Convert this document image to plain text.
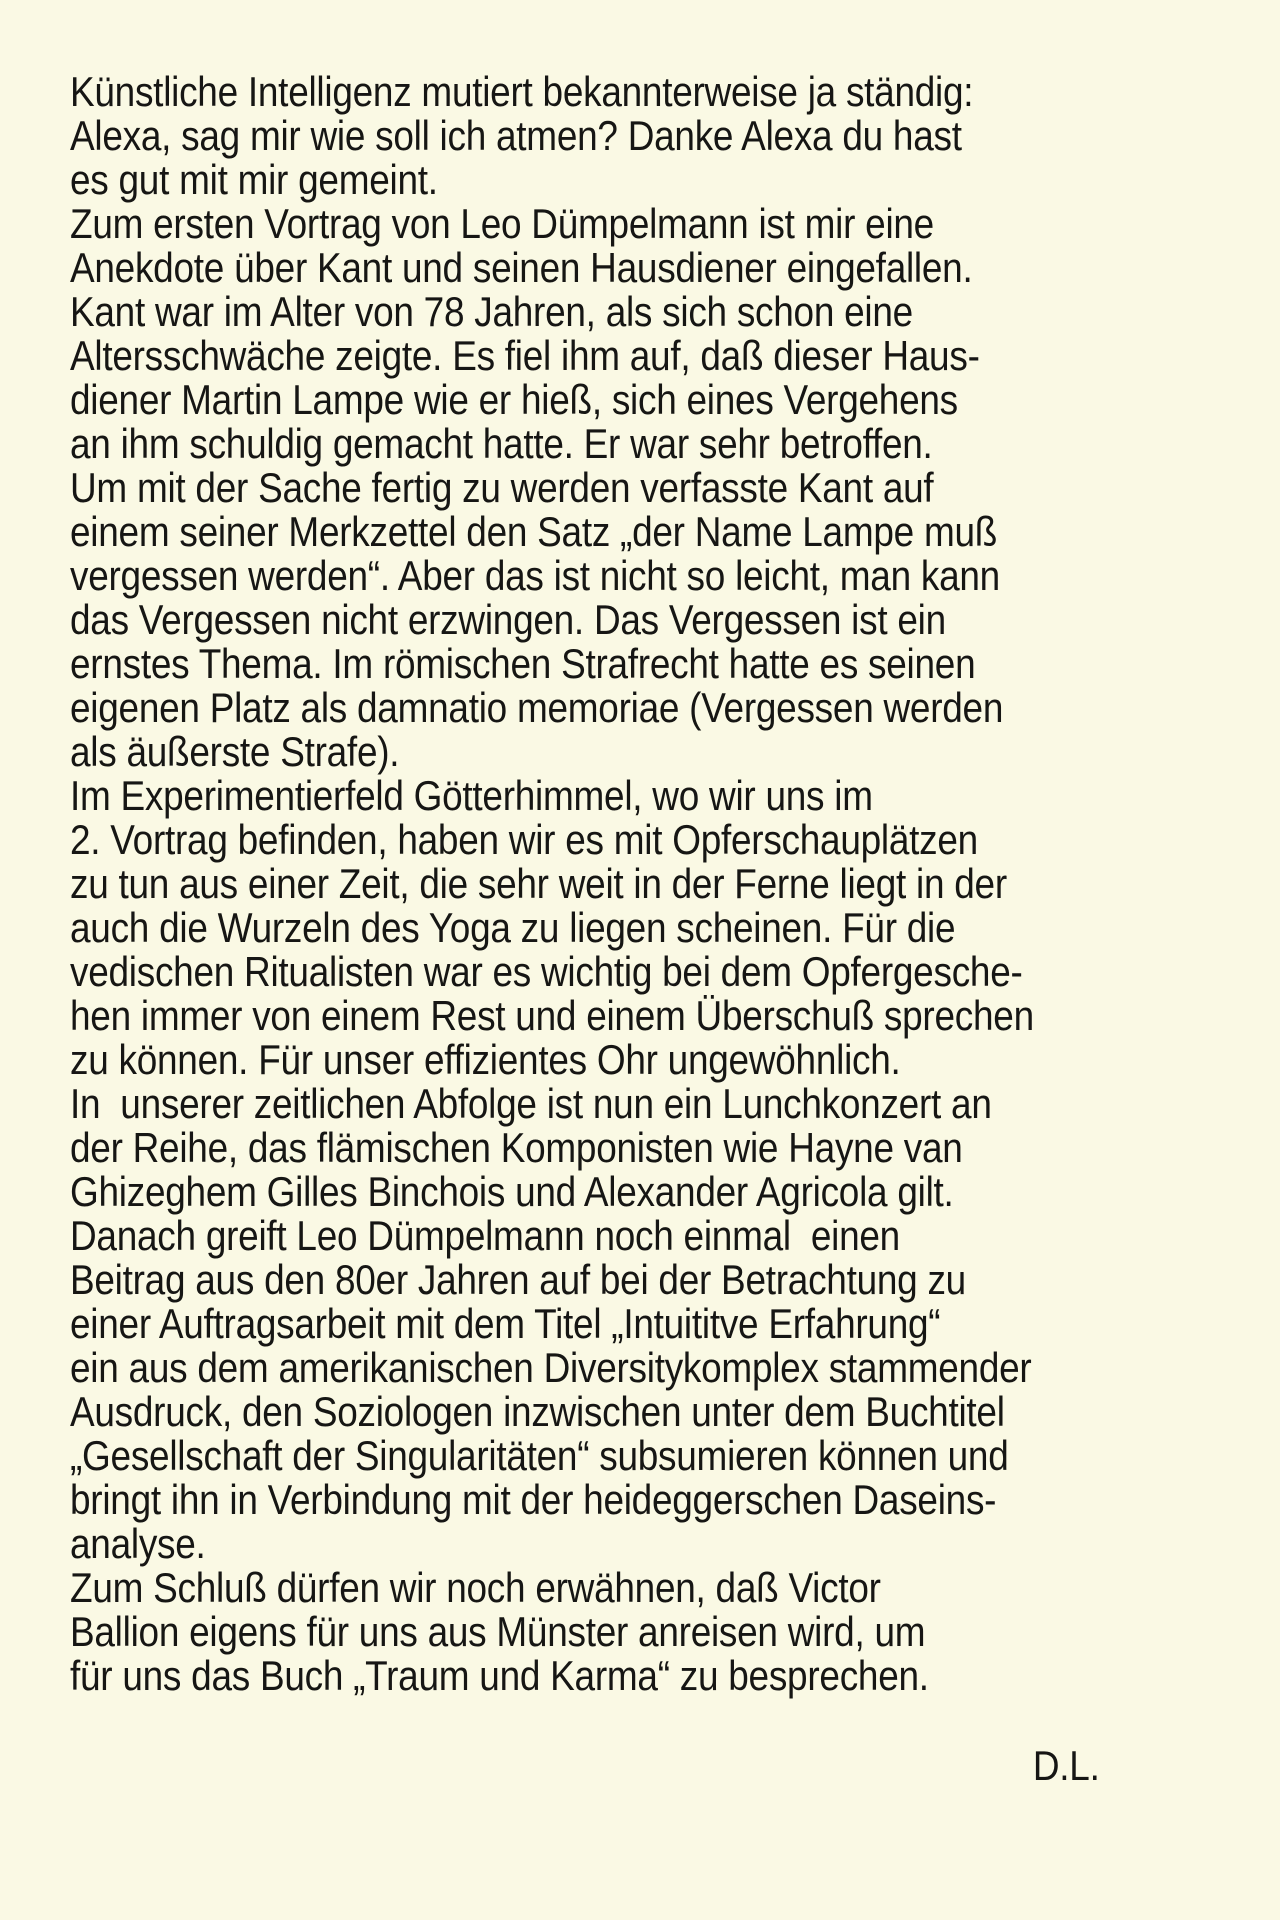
Künstliche Intelligenz mutiert bekannterweise ja ständig:
Alexa, sag mir wie soll ich atmen? Danke Alexa du hast
es gut mit mir gemeint.
Zum ersten Vortrag von Leo Dümpelmann ist mir eine
Anekdote über Kant und seinen Hausdiener eingefallen.
Kant war im Alter von 78 Jahren, als sich schon eine
Altersschwäche zeigte. Es fiel ihm auf, daß dieser Haus-
diener Martin Lampe wie er hieß, sich eines Vergehens
an ihm schuldig gemacht hatte. Er war sehr betroffen.
Um mit der Sache fertig zu werden verfasste Kant auf
einem seiner Merkzettel den Satz „der Name Lampe muß
vergessen werden“. Aber das ist nicht so leicht, man kann
das Vergessen nicht erzwingen. Das Vergessen ist ein
ernstes Thema. Im römischen Strafrecht hatte es seinen
eigenen Platz als damnatio memoriae (Vergessen werden
als äußerste Strafe).
Im Experimentierfeld Götterhimmel, wo wir uns im
2. Vortrag befinden, haben wir es mit Opferschauplätzen
zu tun aus einer Zeit, die sehr weit in der Ferne liegt in der
auch die Wurzeln des Yoga zu liegen scheinen. Für die
vedischen Ritualisten war es wichtig bei dem Opfergesche-
hen immer von einem Rest und einem Überschuß sprechen
zu können. Für unser effizientes Ohr ungewöhnlich.
In  unserer zeitlichen Abfolge ist nun ein Lunchkonzert an
der Reihe, das flämischen Komponisten wie Hayne van
Ghizeghem Gilles Binchois und Alexander Agricola gilt.
Danach greift Leo Dümpelmann noch einmal  einen
Beitrag aus den 80er Jahren auf bei der Betrachtung zu
einer Auftragsarbeit mit dem Titel „Intuititve Erfahrung“
ein aus dem amerikanischen Diversitykomplex stammender
Ausdruck, den Soziologen inzwischen unter dem Buchtitel
„Gesellschaft der Singularitäten“ subsumieren können und
bringt ihn in Verbindung mit der heideggerschen Daseins-
analyse.
Zum Schluß dürfen wir noch erwähnen, daß Victor
Ballion eigens für uns aus Münster anreisen wird, um
für uns das Buch „Traum und Karma“ zu besprechen.
D.L.
